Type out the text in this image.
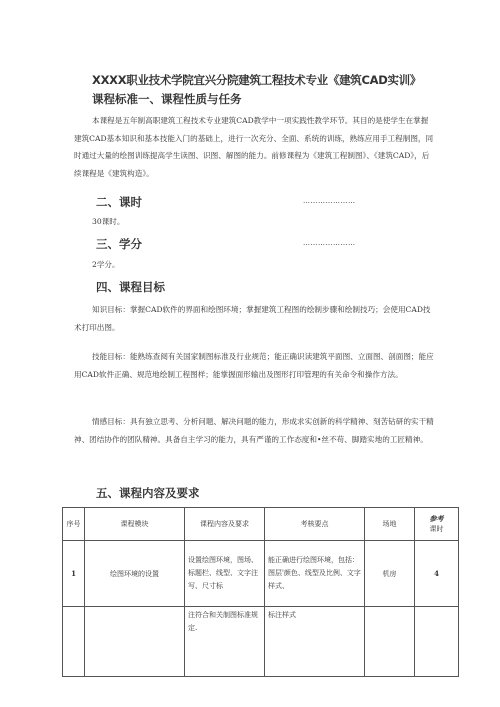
XXXX职业技术学院宜兴分院建筑工程技术专业《建筑CAD实训》
课程标准一、课程性质与任务
本课程是五年制高职建筑工程技术专业建筑CAD教学中一项实践性教学环节。其目的是使学生在掌握建筑CAD基本知识和基本技能入门的基础上，进行一次充分、全面、系统的训练，熟练应用手工程制图，同时通过大量的绘图训练提高学生读图、识图、解图的能力。前修课程为《建筑工程制图》、《建筑CAD》，后续课程是《建筑构造》。
二、课时	…………………
30课时。
三、学分	…………………
2学分。
四、课程目标
知识目标：掌握CAD软件的界面和绘图环境；掌握建筑工程图的绘制步骤和绘制技巧；会使用CAD技术打印出图。
技能目标：能熟练查阅有关国家制图标准及行业规范；能正确识读建筑平面图、立面图、剖面图；能应用CAD软件正确、规范地绘制工程图样；能掌握面形输出及图形打印管理的有关命令和操作方法。
情感目标：具有独立思考、分析问题、解决问题的能力，形成求实创新的科学精神、刻苦钻研的实干精神、团结协作的团队精神。具备自主学习的能力，具有严谨的工作态度和•丝不苟、脚踏实地的工匠精神。
五、课程内容及要求
序号	课程模块	课程内容及要求	考核要点	场地	参考
课时

1	绘图环境的设置	设置绘图环境，图场、标题栏、线型、文字注写、尺寸标	能正确进行绘图环境，包括：图层'颜色、线型及比例、文字样式、	机房	4
		注符合和关制图标准规定.	标注样式		
